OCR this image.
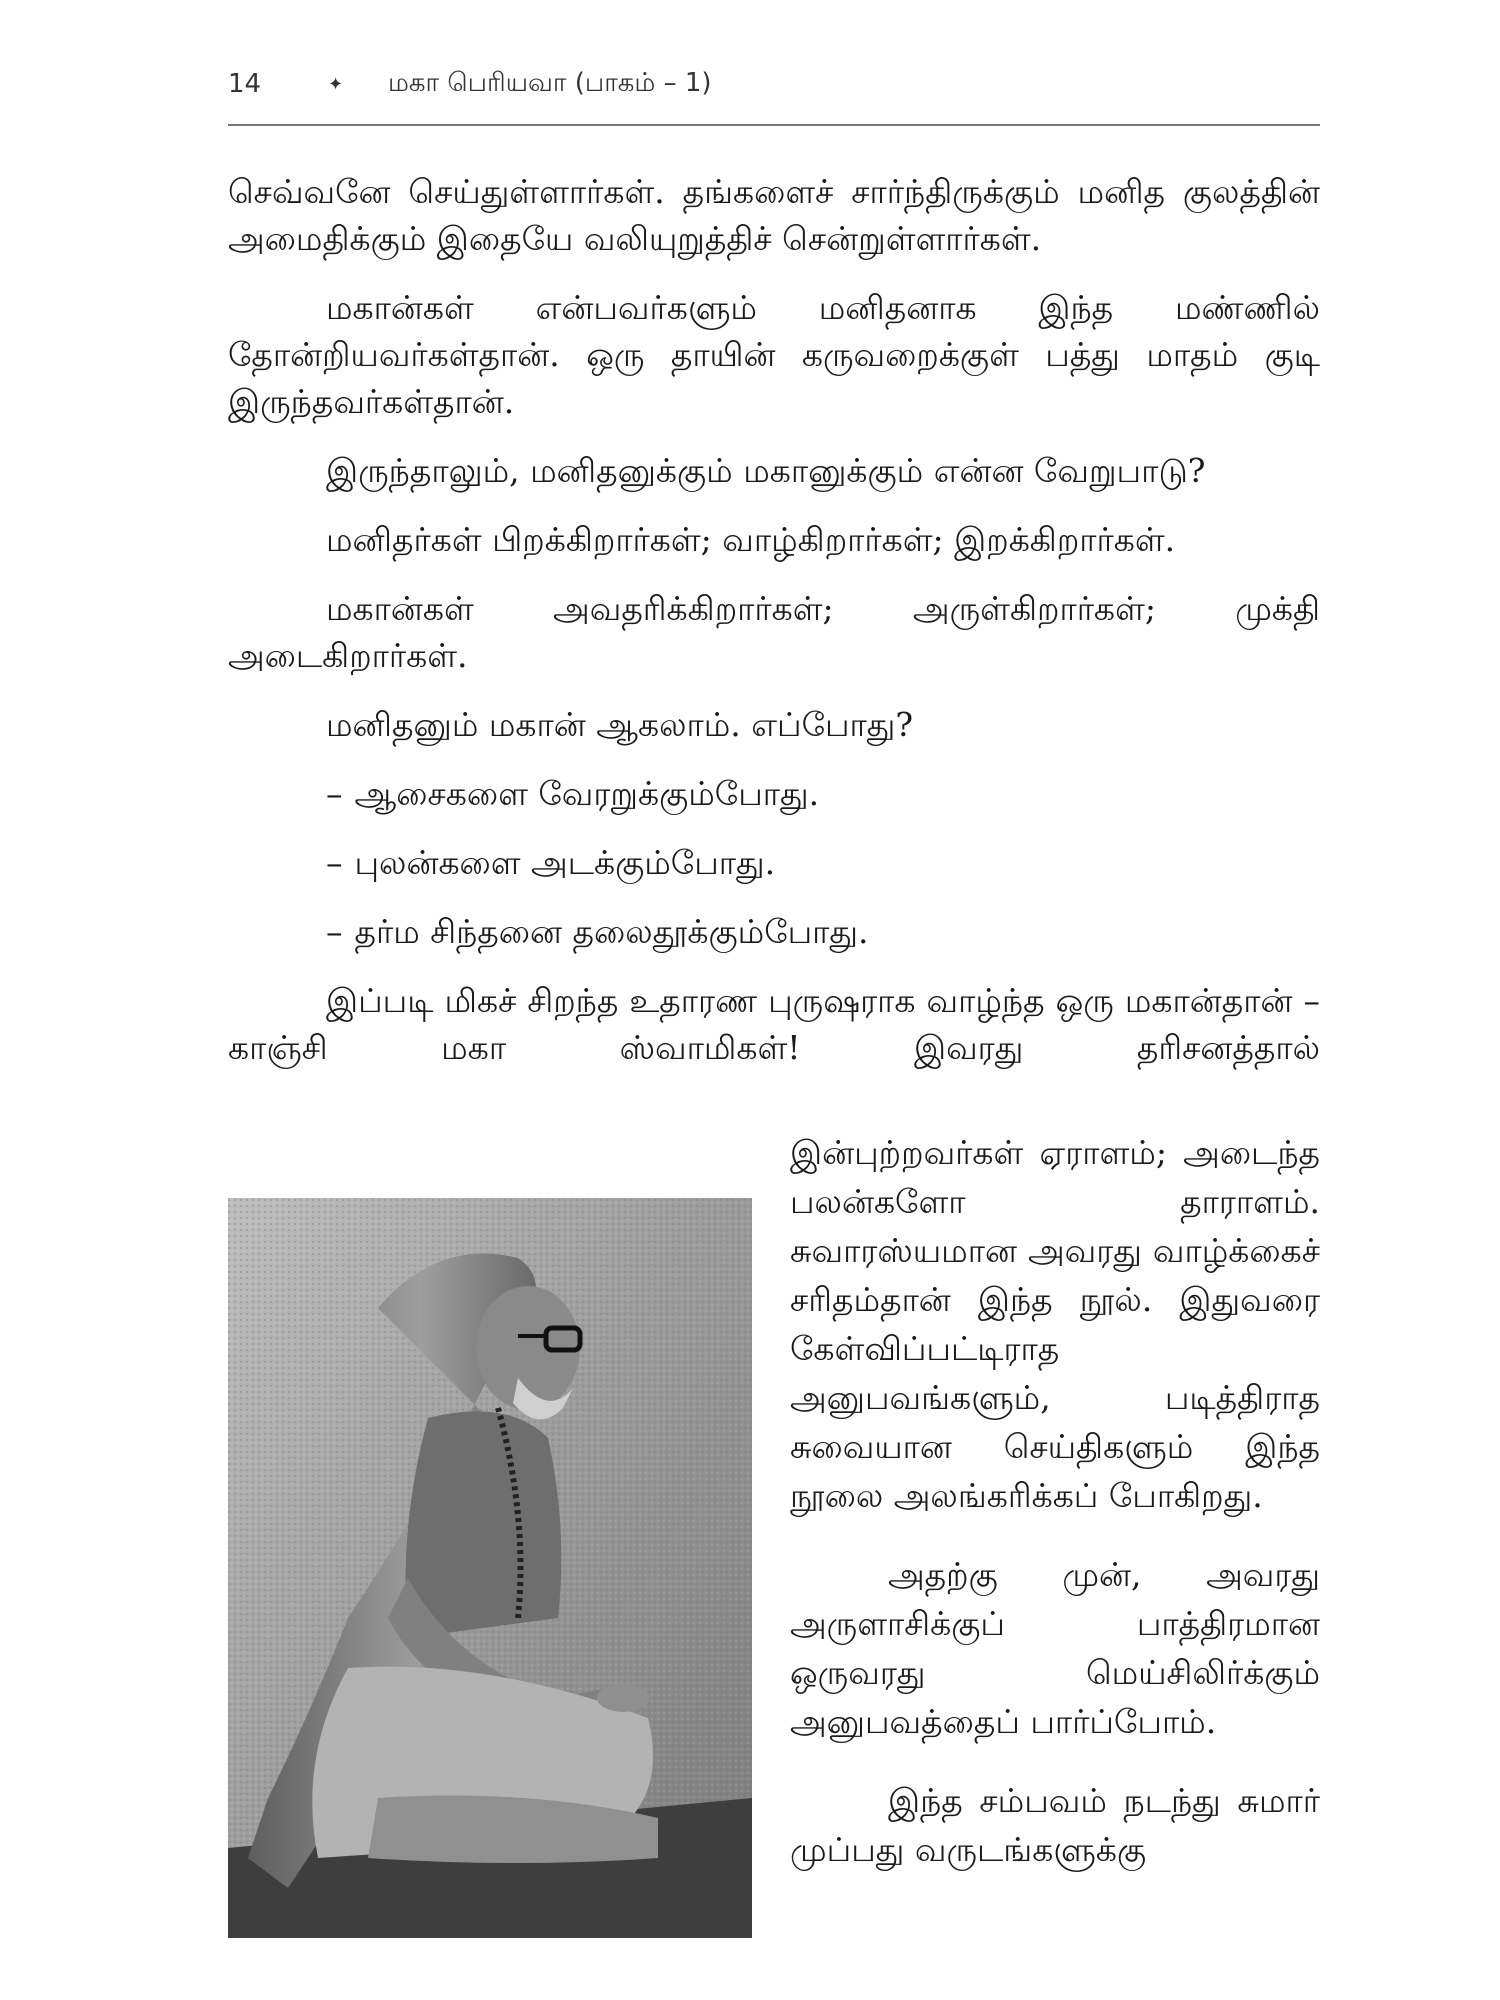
14	✦	மகா பெரியவா (பாகம் – 1)

செவ்வனே செய்துள்ளார்கள். தங்களைச் சார்ந்திருக்கும் மனித குலத்தின் அமைதிக்கும் இதையே வலியுறுத்திச் சென்றுள்ளார்கள்.

மகான்கள் என்பவர்களும் மனிதனாக இந்த மண்ணில் தோன்றியவர்கள்தான். ஒரு தாயின் கருவறைக்குள் பத்து மாதம் குடி இருந்தவர்கள்தான்.

இருந்தாலும், மனிதனுக்கும் மகானுக்கும் என்ன வேறுபாடு?

மனிதர்கள் பிறக்கிறார்கள்; வாழ்கிறார்கள்; இறக்கிறார்கள்.

மகான்கள் அவதரிக்கிறார்கள்; அருள்கிறார்கள்; முக்தி அடைகிறார்கள்.

மனிதனும் மகான் ஆகலாம். எப்போது?

– ஆசைகளை வேரறுக்கும்போது.
– புலன்களை அடக்கும்போது.
– தர்ம சிந்தனை தலைதூக்கும்போது.

இப்படி மிகச் சிறந்த உதாரண புருஷராக வாழ்ந்த ஒரு மகான்தான் – காஞ்சி மகா ஸ்வாமிகள்! இவரது தரிசனத்தால்

இன்புற்றவர்கள் ஏராளம்; அடைந்த பலன்களோ தாராளம். சுவாரஸ்யமான அவரது வாழ்க்கைச் சரிதம்தான் இந்த நூல். இதுவரை கேள்விப்பட்டிராத அனுபவங்களும், படித்திராத சுவையான செய்திகளும் இந்த நூலை அலங்கரிக்கப் போகிறது.

அதற்கு முன், அவரது அருளாசிக்குப் பாத்திரமான ஒருவரது மெய்சிலிர்க்கும் அனுபவத்தைப் பார்ப்போம்.

இந்த சம்பவம் நடந்து சுமார் முப்பது வருடங்களுக்கு
